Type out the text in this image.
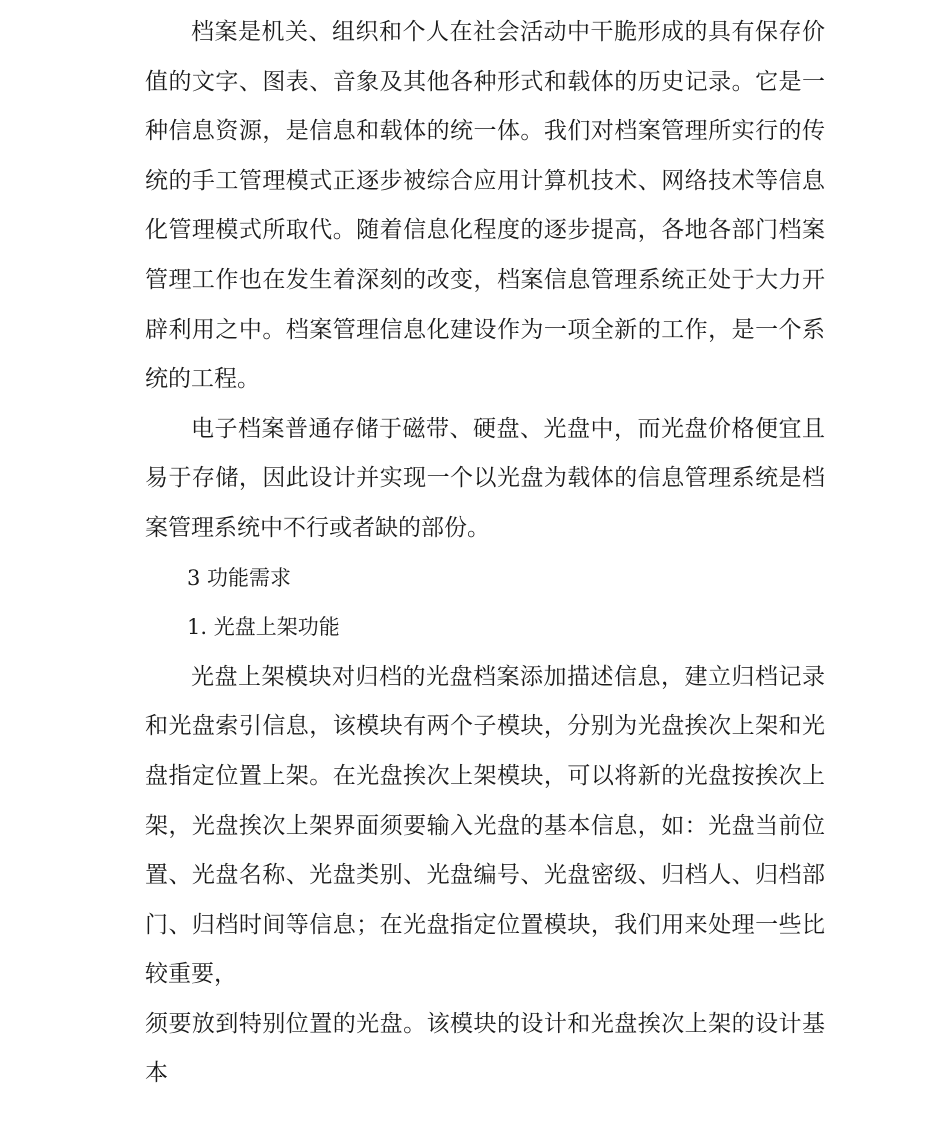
档案是机关、组织和个人在社会活动中干脆形成的具有保存价值的文字、图表、音象及其他各种形式和载体的历史记录。它是一种信息资源，是信息和载体的统一体。我们对档案管理所实行的传统的手工管理模式正逐步被综合应用计算机技术、网络技术等信息化管理模式所取代。随着信息化程度的逐步提高，各地各部门档案管理工作也在发生着深刻的改变，档案信息管理系统正处于大力开辟利用之中。档案管理信息化建设作为一项全新的工作，是一个系统的工程。

电子档案普通存储于磁带、硬盘、光盘中，而光盘价格便宜且易于存储，因此设计并实现一个以光盘为载体的信息管理系统是档案管理系统中不行或者缺的部份。

3 功能需求

1. 光盘上架功能

光盘上架模块对归档的光盘档案添加描述信息，建立归档记录和光盘索引信息，该模块有两个子模块，分别为光盘挨次上架和光盘指定位置上架。在光盘挨次上架模块，可以将新的光盘按挨次上架，光盘挨次上架界面须要输入光盘的基本信息，如：光盘当前位置、光盘名称、光盘类别、光盘编号、光盘密级、归档人、归档部门、归档时间等信息；在光盘指定位置模块，我们用来处理一些比较重要，

须要放到特别位置的光盘。该模块的设计和光盘挨次上架的设计基本
